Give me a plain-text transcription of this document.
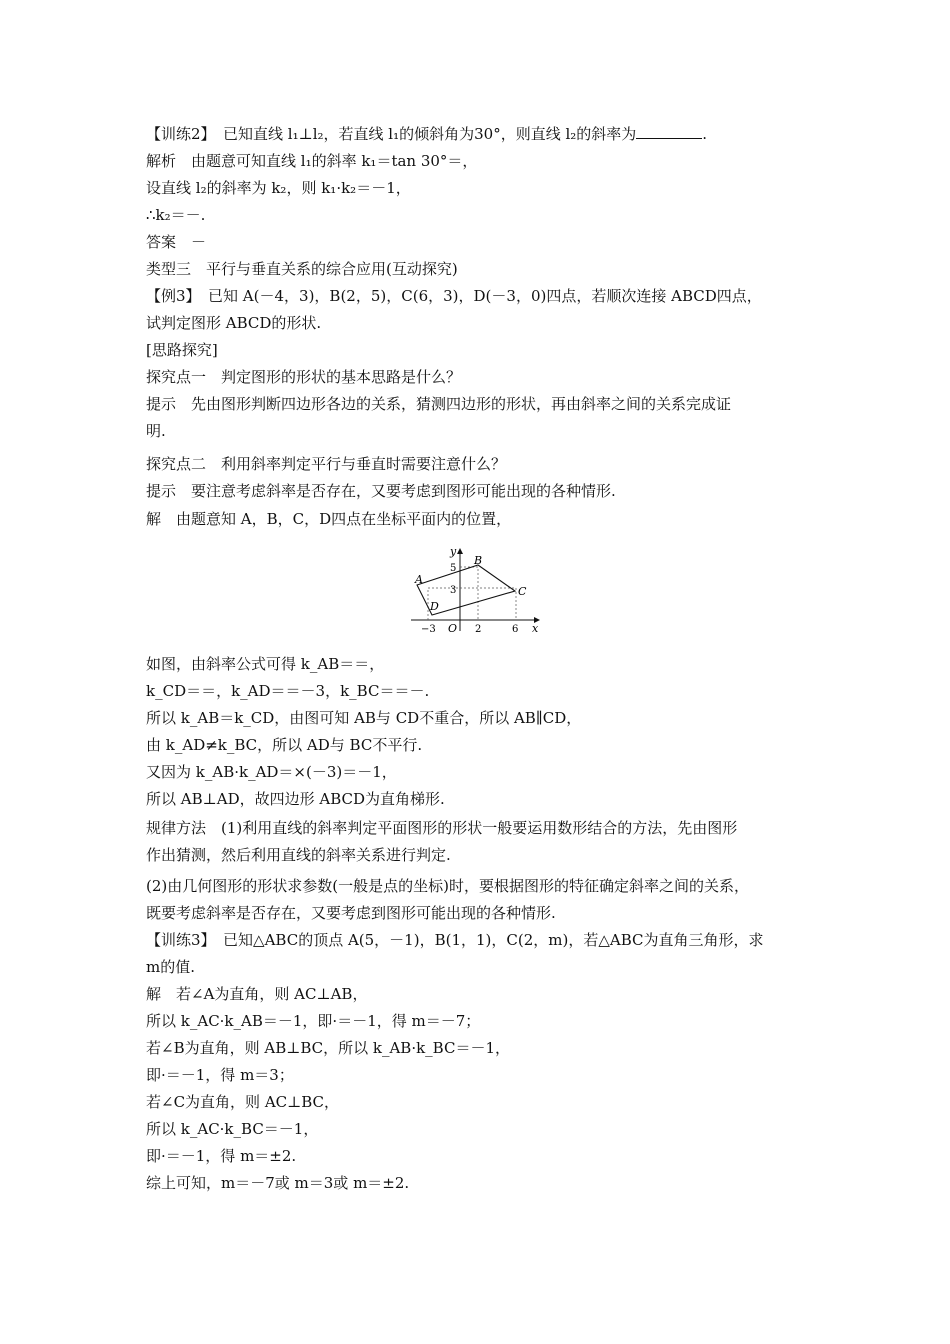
【训练2】　已知直线 l₁⊥l₂，若直线 l₁的倾斜角为30°，则直线 l₂的斜率为	.
解析　由题意可知直线 l₁的斜率 k₁＝tan 30°＝，
设直线 l₂的斜率为 k₂，则 k₁·k₂＝－1，
∴k₂＝－.
答案　－
类型三　平行与垂直关系的综合应用(互动探究)
【例3】　已知 A(－4，3)，B(2，5)，C(6，3)，D(－3，0)四点，若顺次连接 ABCD四点，
试判定图形 ABCD的形状.
[思路探究]
探究点一　判定图形的形状的基本思路是什么？
提示　先由图形判断四边形各边的关系，猜测四边形的形状，再由斜率之间的关系完成证
明.
探究点二　利用斜率判定平行与垂直时需要注意什么？
提示　要注意考虑斜率是否存在，又要考虑到图形可能出现的各种情形.
解　由题意知 A，B，C，D四点在坐标平面内的位置，
y
x
O
A
B
C
D
−3	2	6
5
3
如图，由斜率公式可得 k_AB＝＝，
k_CD＝＝，k_AD＝＝－3，k_BC＝＝－.
所以 k_AB＝k_CD，由图可知 AB与 CD不重合，所以 AB∥CD，
由 k_AD≠k_BC，所以 AD与 BC不平行.
又因为 k_AB·k_AD＝×(－3)＝－1，
所以 AB⊥AD，故四边形 ABCD为直角梯形.
规律方法　(1)利用直线的斜率判定平面图形的形状一般要运用数形结合的方法，先由图形
作出猜测，然后利用直线的斜率关系进行判定.
(2)由几何图形的形状求参数(一般是点的坐标)时，要根据图形的特征确定斜率之间的关系，
既要考虑斜率是否存在，又要考虑到图形可能出现的各种情形.
【训练3】　已知△ABC的顶点 A(5，－1)，B(1，1)，C(2，m)，若△ABC为直角三角形，求
m的值.
解　若∠A为直角，则 AC⊥AB，
所以 k_AC·k_AB＝－1，即·＝－1，得 m＝－7；
若∠B为直角，则 AB⊥BC，所以 k_AB·k_BC＝－1，
即·＝－1，得 m＝3；
若∠C为直角，则 AC⊥BC，
所以 k_AC·k_BC＝－1，
即·＝－1，得 m＝±2.
综上可知，m＝－7或 m＝3或 m＝±2.
